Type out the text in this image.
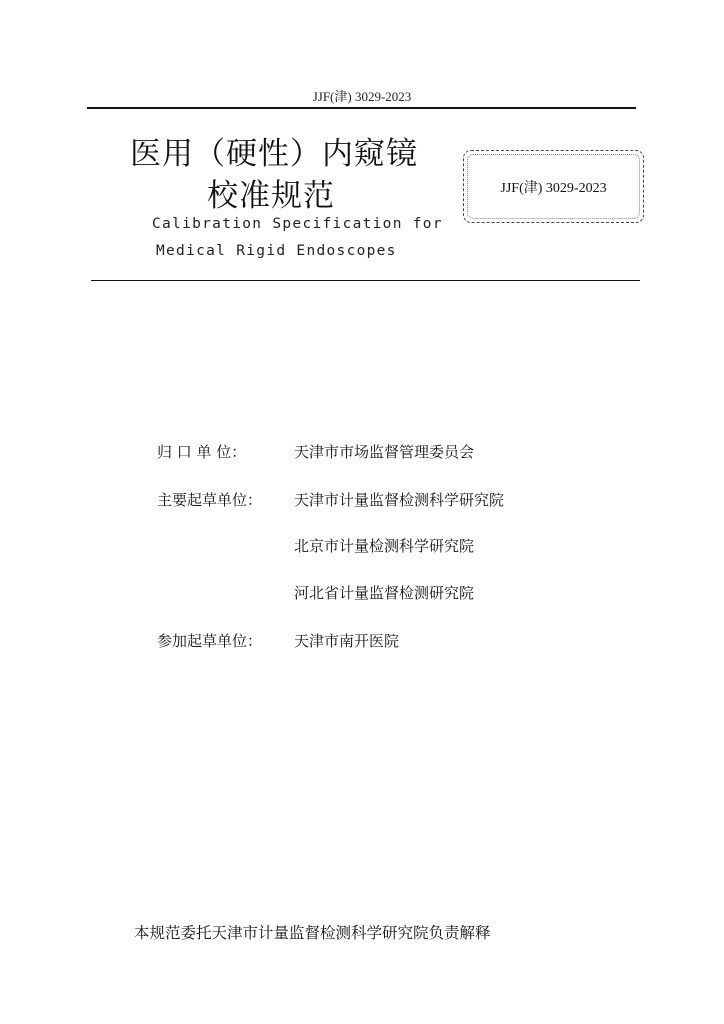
JJF(津) 3029-2023
医用（硬性）内窥镜
校准规范
Calibration Specification for
Medical Rigid Endoscopes
JJF(津) 3029-2023
归 口 单 位：	天津市市场监督管理委员会
主要起草单位： 天津市计量监督检测科学研究院
北京市计量检测科学研究院
河北省计量监督检测研究院
参加起草单位： 天津市南开医院
本规范委托天津市计量监督检测科学研究院负责解释
